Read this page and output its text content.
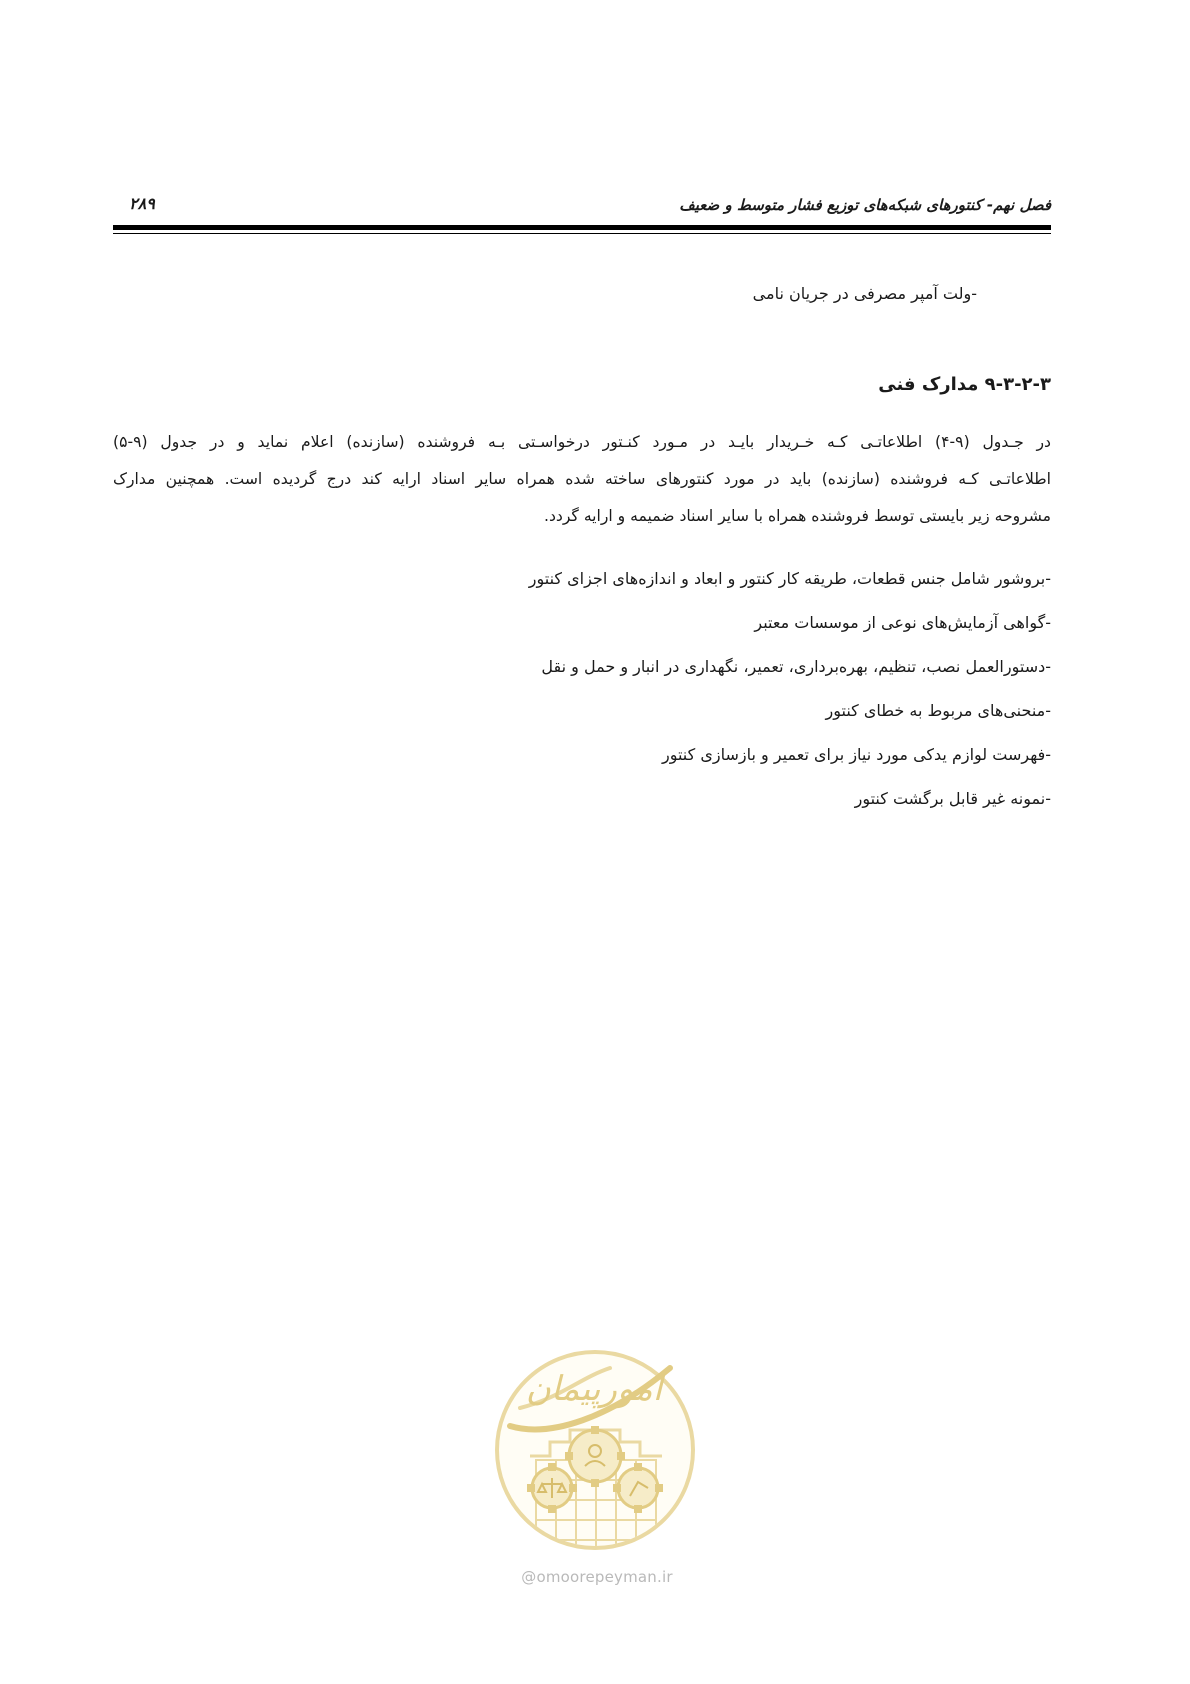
فصل نهم- کنتورهای شبکه‌های توزیع فشار متوسط و ضعیف
۲۸۹
-ولت آمپر مصرفی در جریان نامی
۹-۳-۲-۳ مدارک فنی
در جـدول (۹-۴) اطلاعاتـی کـه خـریدار بایـد در مـورد کنـتور درخواسـتی بـه فروشنده (سازنده) اعلام نماید و در جدول (۹-۵)
اطلاعاتـی کـه فروشنده (سازنده) باید در مورد کنتورهای ساخته شده همراه سایر اسناد ارایه کند درج گردیده است. همچنین مدارک
مشروحه زیر بایستی توسط فروشنده همراه با سایر اسناد ضمیمه و ارایه گردد.
-بروشور شامل جنس قطعات، طریقه کار کنتور و ابعاد و اندازه‌های اجزای کنتور
-گواهی آزمایش‌های نوعی از موسسات معتبر
-دستورالعمل نصب، تنظیم، بهره‌برداری، تعمیر، نگهداری در انبار و حمل و نقل
-منحنی‌های مربوط به خطای کنتور
-فهرست لوازم یدکی مورد نیاز برای تعمیر و بازسازی کنتور
-نمونه غیر قابل برگشت کنتور
امورپیمان
@omoorepeyman.ir
